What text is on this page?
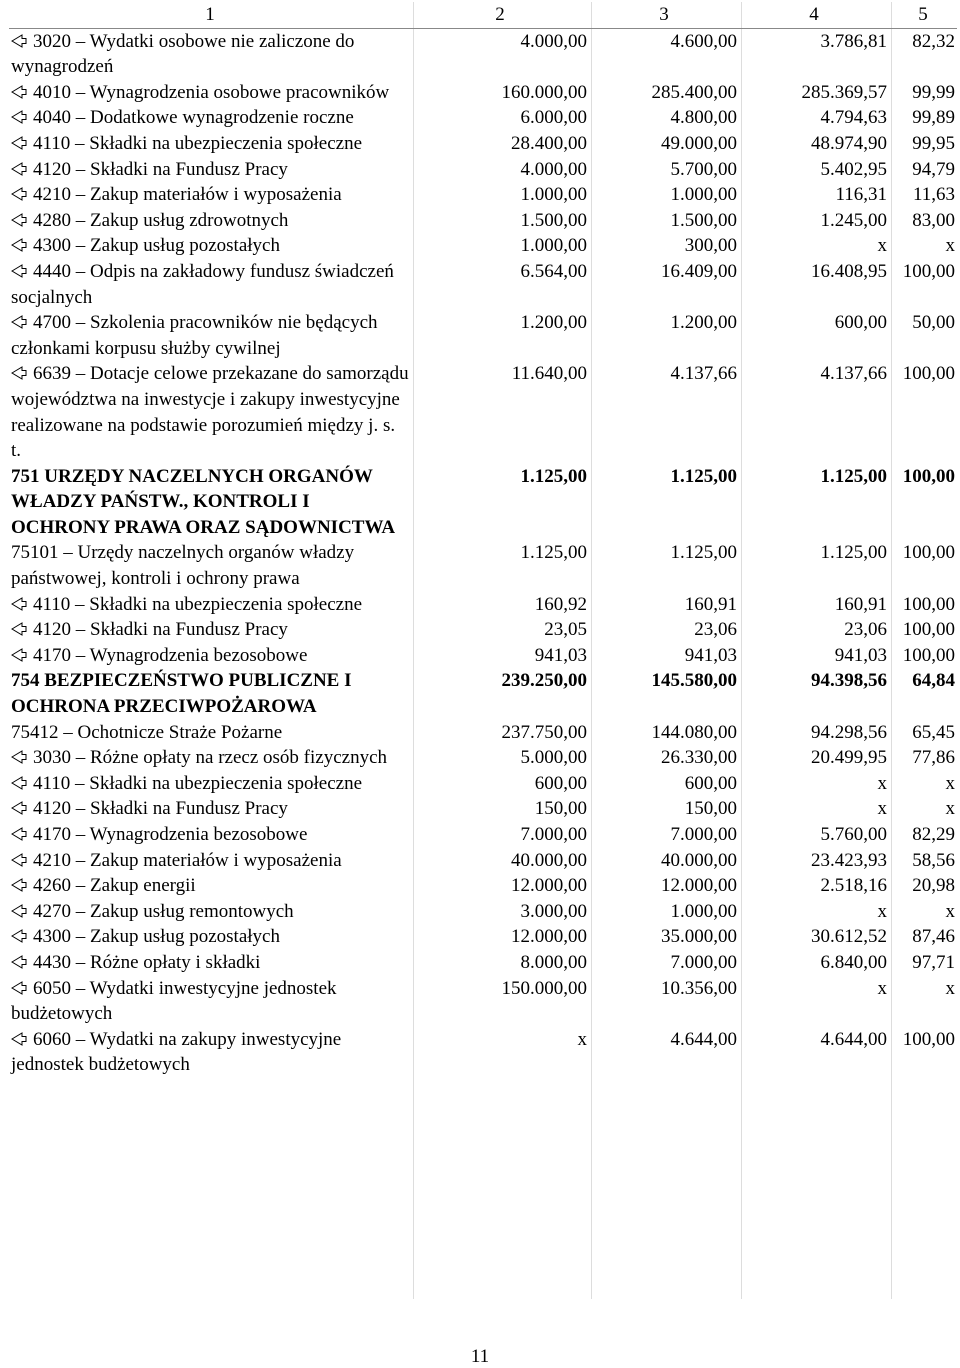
1	2	3	4	5
3020 – Wydatki osobowe nie zaliczone do wynagrodzeń	4.000,00	4.600,00	3.786,81	82,32
4010 – Wynagrodzenia osobowe pracowników	160.000,00	285.400,00	285.369,57	99,99
4040 – Dodatkowe wynagrodzenie roczne	6.000,00	4.800,00	4.794,63	99,89
4110 – Składki na ubezpieczenia społeczne	28.400,00	49.000,00	48.974,90	99,95
4120 – Składki na Fundusz Pracy	4.000,00	5.700,00	5.402,95	94,79
4210 – Zakup materiałów i wyposażenia	1.000,00	1.000,00	116,31	11,63
4280 – Zakup usług zdrowotnych	1.500,00	1.500,00	1.245,00	83,00
4300 – Zakup usług pozostałych	1.000,00	300,00	x	x
4440 – Odpis na zakładowy fundusz świadczeń socjalnych	6.564,00	16.409,00	16.408,95	100,00
4700 – Szkolenia pracowników nie będących członkami korpusu służby cywilnej	1.200,00	1.200,00	600,00	50,00
6639 – Dotacje celowe przekazane do samorządu województwa na inwestycje i zakupy inwestycyjne realizowane na podstawie porozumień między j. s. t.	11.640,00	4.137,66	4.137,66	100,00
751 URZĘDY NACZELNYCH ORGANÓW WŁADZY PAŃSTW., KONTROLI I OCHRONY PRAWA ORAZ SĄDOWNICTWA	1.125,00	1.125,00	1.125,00	100,00
75101 – Urzędy naczelnych organów władzy państwowej, kontroli i ochrony prawa	1.125,00	1.125,00	1.125,00	100,00
4110 – Składki na ubezpieczenia społeczne	160,92	160,91	160,91	100,00
4120 – Składki na Fundusz Pracy	23,05	23,06	23,06	100,00
4170 – Wynagrodzenia bezosobowe	941,03	941,03	941,03	100,00
754 BEZPIECZEŃSTWO PUBLICZNE I OCHRONA PRZECIWPOŻAROWA	239.250,00	145.580,00	94.398,56	64,84
75412 – Ochotnicze Straże Pożarne	237.750,00	144.080,00	94.298,56	65,45
3030 – Różne opłaty na rzecz osób fizycznych	5.000,00	26.330,00	20.499,95	77,86
4110 – Składki na ubezpieczenia społeczne	600,00	600,00	x	x
4120 – Składki na Fundusz Pracy	150,00	150,00	x	x
4170 – Wynagrodzenia bezosobowe	7.000,00	7.000,00	5.760,00	82,29
4210 – Zakup materiałów i wyposażenia	40.000,00	40.000,00	23.423,93	58,56
4260 – Zakup energii	12.000,00	12.000,00	2.518,16	20,98
4270 – Zakup usług remontowych	3.000,00	1.000,00	x	x
4300 – Zakup usług pozostałych	12.000,00	35.000,00	30.612,52	87,46
4430 – Różne opłaty i składki	8.000,00	7.000,00	6.840,00	97,71
6050 – Wydatki inwestycyjne jednostek budżetowych	150.000,00	10.356,00	x	x
6060 – Wydatki na zakupy inwestycyjne jednostek budżetowych	x	4.644,00	4.644,00	100,00
11
